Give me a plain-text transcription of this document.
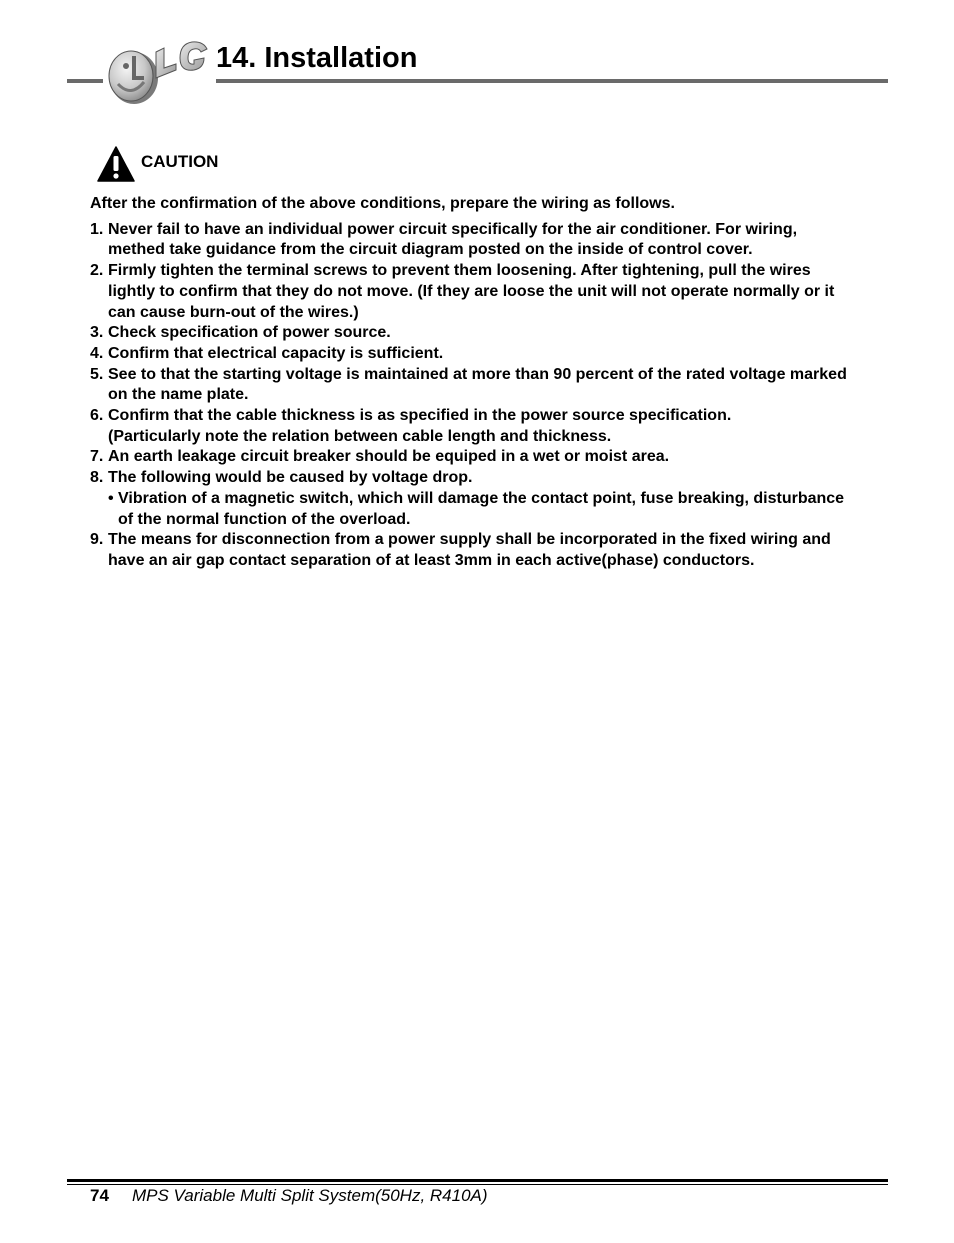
14. Installation
CAUTION
After the confirmation of the above conditions, prepare the wiring as follows.
1. Never fail to have an individual power circuit specifically for the air conditioner. For wiring,
methed take guidance from the circuit diagram posted on the inside of control cover.
2. Firmly tighten the terminal screws to prevent them loosening. After tightening, pull the wires
lightly to confirm that they do not move. (If they are loose the unit will not operate normally or it
can cause burn-out of the wires.)
3. Check specification of power source.
4. Confirm that electrical capacity is sufficient.
5. See to that the starting voltage is maintained at more than 90 percent of the rated voltage marked
on the name plate.
6. Confirm that the cable thickness is as specified in the power source specification.
(Particularly note the relation between cable length and thickness.
7. An earth leakage circuit breaker should be equiped in a wet or moist area.
8. The following would be caused by voltage drop.
• Vibration of a magnetic switch, which will damage the contact point, fuse breaking, disturbance
of the normal function of the overload.
9. The means for disconnection from a power supply shall be incorporated in the fixed wiring and
have an air gap contact separation of at least 3mm in each active(phase) conductors.
74 MPS Variable Multi Split System(50Hz, R410A)
